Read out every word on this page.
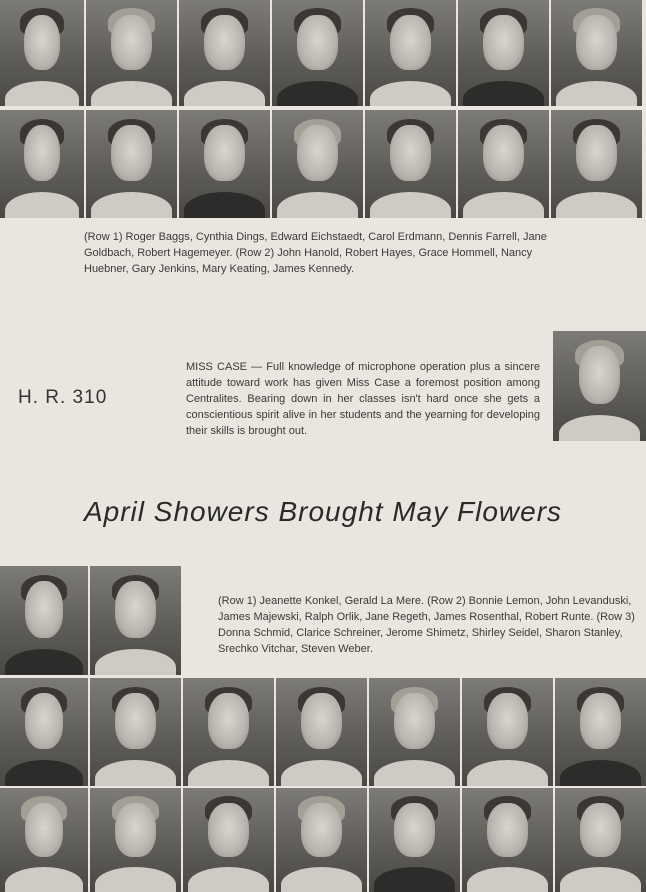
(Row 1) Roger Baggs, Cynthia Dings, Edward Eichstaedt, Carol Erdmann, Dennis Farrell, Jane Goldbach, Robert Hagemeyer. (Row 2) John Hanold, Robert Hayes, Grace Hommell, Nancy Huebner, Gary Jenkins, Mary Keating, James Kennedy.
H. R. 310
MISS CASE — Full knowledge of microphone operation plus a sincere attitude toward work has given Miss Case a foremost position among Centralites. Bearing down in her classes isn't hard once she gets a conscientious spirit alive in her students and the yearning for developing their skills is brought out.
April Showers Brought May Flowers
(Row 1) Jeanette Konkel, Gerald La Mere. (Row 2) Bonnie Lemon, John Levanduski, James Majewski, Ralph Orlik, Jane Regeth, James Rosenthal, Robert Runte. (Row 3) Donna Schmid, Clarice Schreiner, Jerome Shimetz, Shirley Seidel, Sharon Stanley, Srechko Vitchar, Steven Weber.
